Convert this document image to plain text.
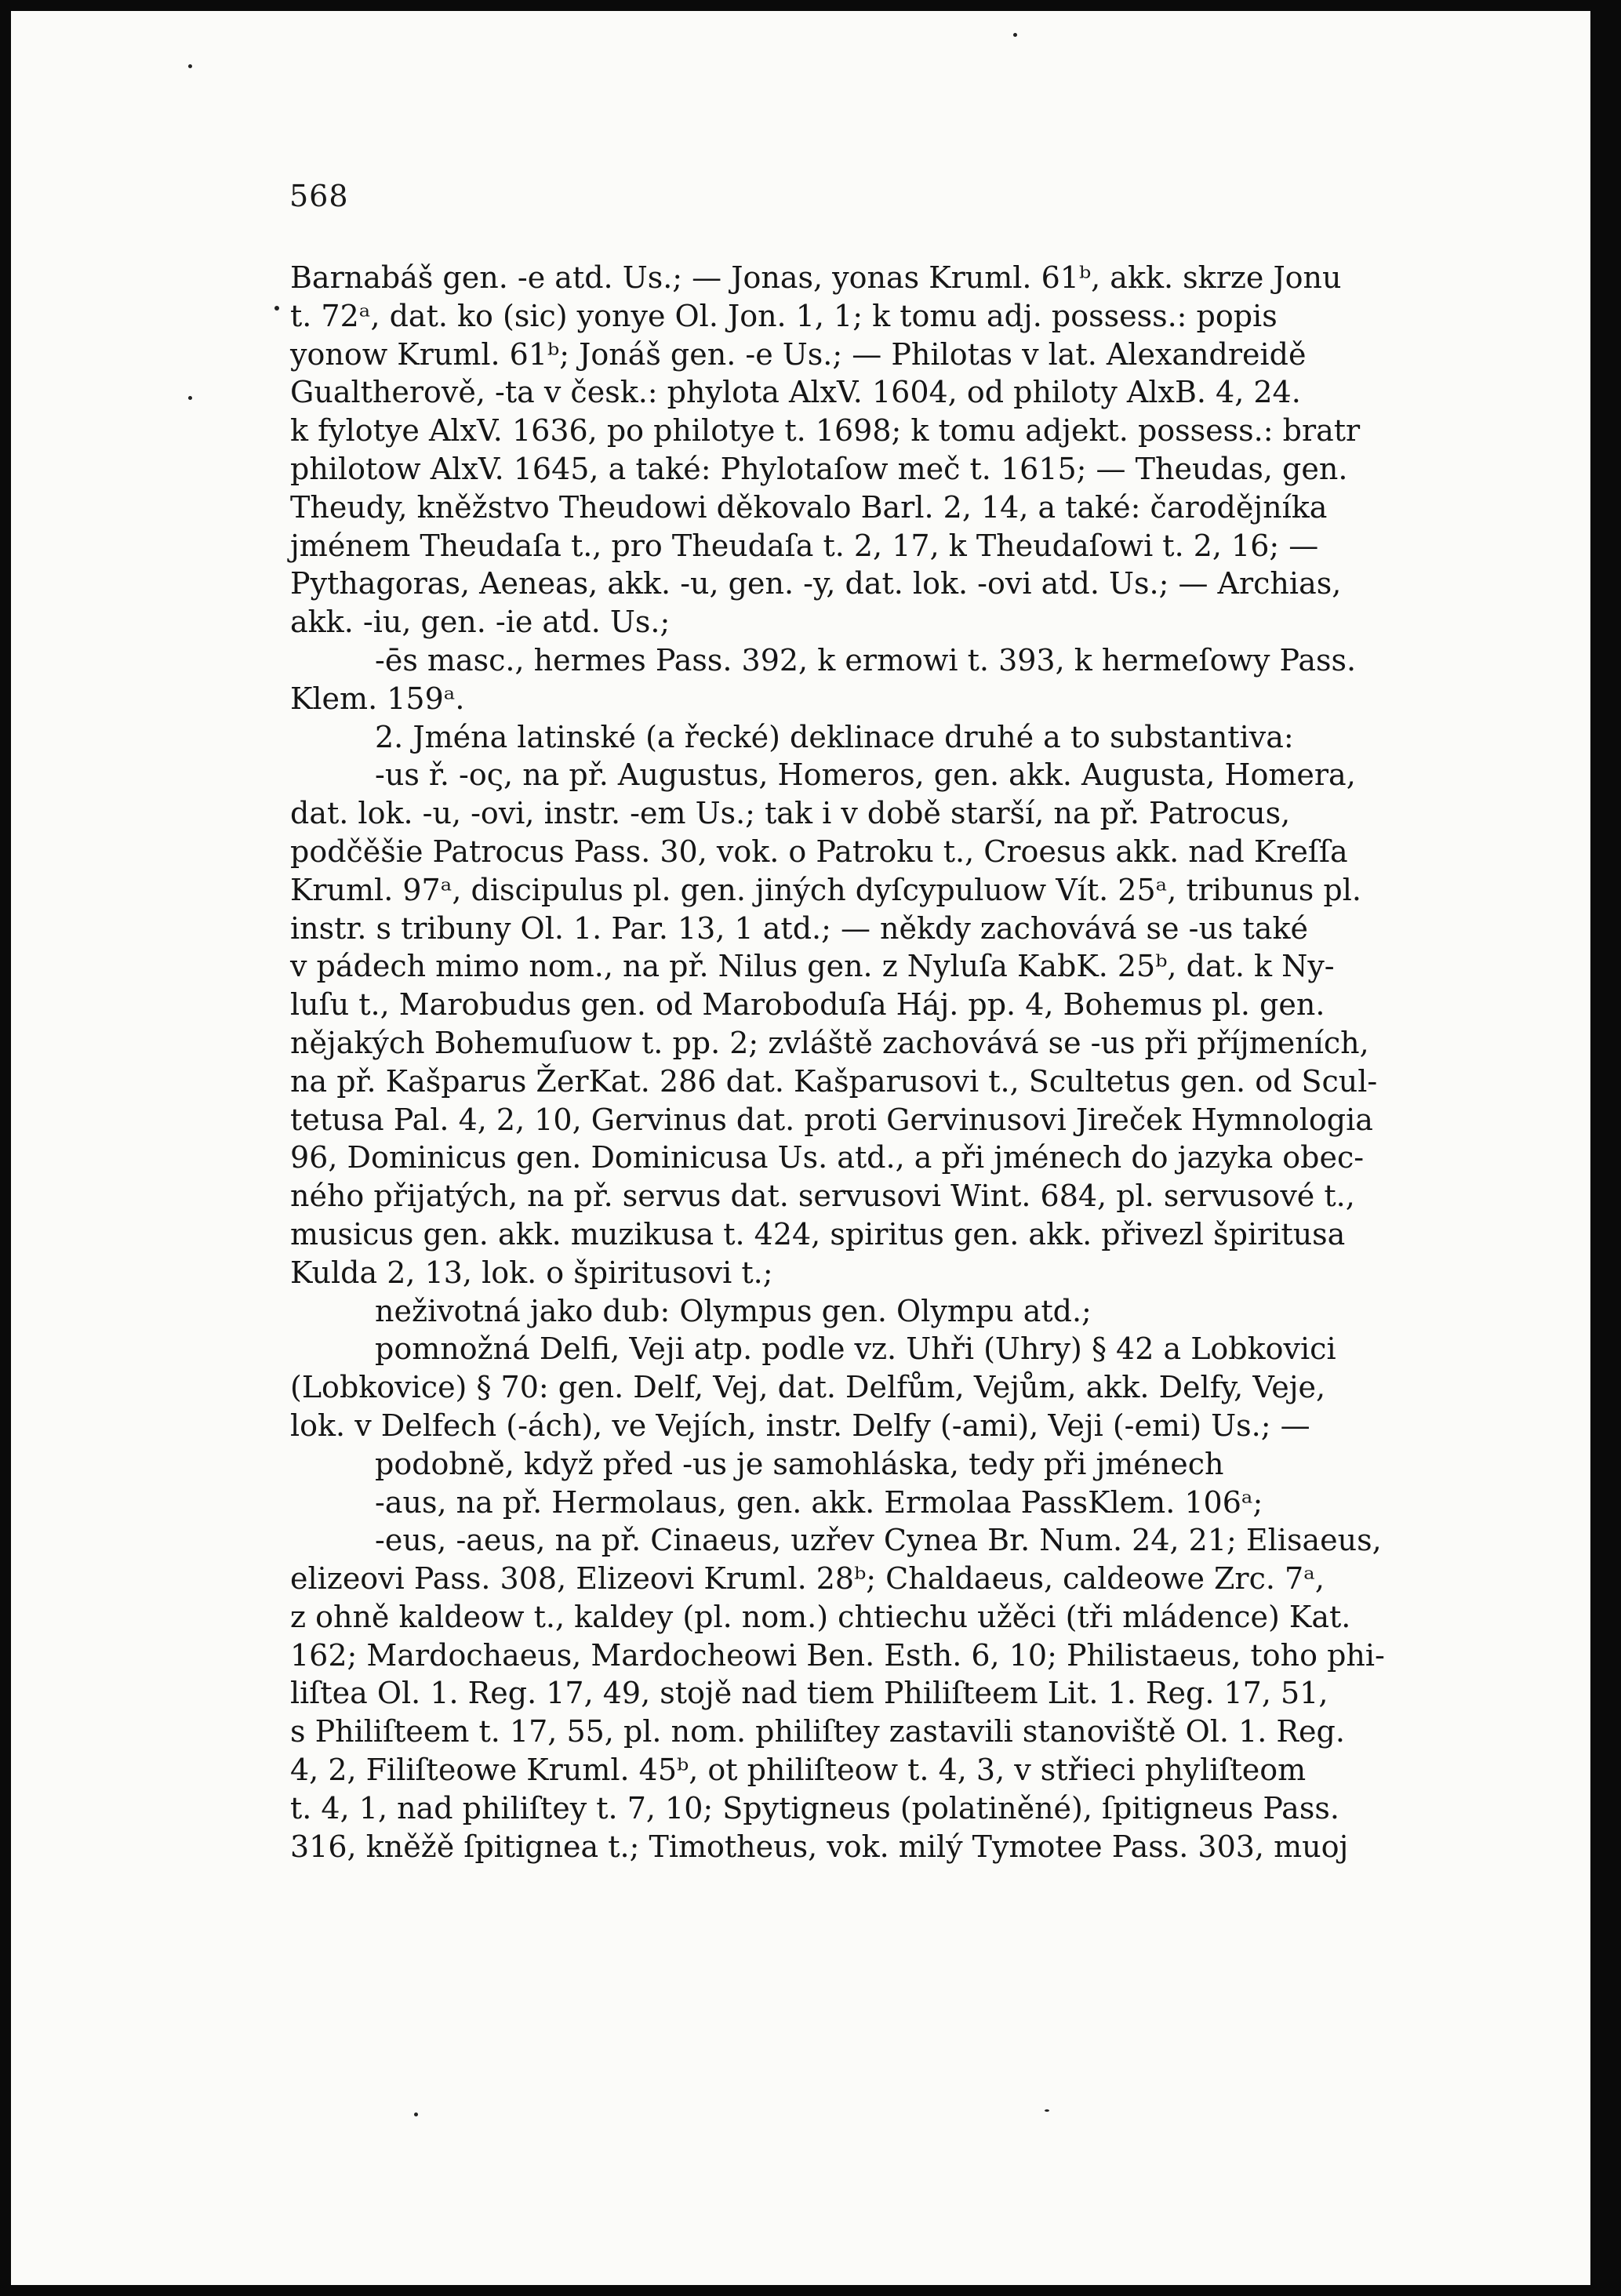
568
Barnabáš gen. -e atd. Us.; — Jonas, yonas Kruml. 61ᵇ, akk. skrze Jonu
t. 72ᵃ, dat. ko (sic) yonye Ol. Jon. 1, 1; k tomu adj. possess.: popis
yonow Kruml. 61ᵇ; Jonáš gen. -e Us.; — Philotas v lat. Alexandreidě
Gualtherově, -ta v česk.: phylota AlxV. 1604, od philoty AlxB. 4, 24.
k fylotye AlxV. 1636, po philotye t. 1698; k tomu adjekt. possess.: bratr
philotow AlxV. 1645, a také: Phylotaſow meč t. 1615; — Theudas, gen.
Theudy, kněžstvo Theudowi děkovalo Barl. 2, 14, a také: čarodějníka
jménem Theudaſa t., pro Theudaſa t. 2, 17, k Theudaſowi t. 2, 16; —
Pythagoras, Aeneas, akk. -u, gen. -y, dat. lok. -ovi atd. Us.; — Archias,
akk. -iu, gen. -ie atd. Us.;
-ēs masc., hermes Pass. 392, k ermowi t. 393, k hermeſowy Pass.
Klem. 159ᵃ.
2. Jména latinské (a řecké) deklinace druhé a to substantiva:
-us ř. -ος, na př. Augustus, Homeros, gen. akk. Augusta, Homera,
dat. lok. -u, -ovi, instr. -em Us.; tak i v době starší, na př. Patrocus,
podčěšie Patrocus Pass. 30, vok. o Patroku t., Croesus akk. nad Kreſſa
Kruml. 97ᵃ, discipulus pl. gen. jiných dyſcypuluow Vít. 25ᵃ, tribunus pl.
instr. s tribuny Ol. 1. Par. 13, 1 atd.; — někdy zachovává se -us také
v pádech mimo nom., na př. Nilus gen. z Nyluſa KabK. 25ᵇ, dat. k Ny-
luſu t., Marobudus gen. od Maroboduſa Háj. pp. 4, Bohemus pl. gen.
nějakých Bohemuſuow t. pp. 2; zvláště zachovává se -us při příjmeních,
na př. Kašparus ŽerKat. 286 dat. Kašparusovi t., Scultetus gen. od Scul-
tetusa Pal. 4, 2, 10, Gervinus dat. proti Gervinusovi Jireček Hymnologia
96, Dominicus gen. Dominicusa Us. atd., a při jménech do jazyka obec-
ného přijatých, na př. servus dat. servusovi Wint. 684, pl. servusové t.,
musicus gen. akk. muzikusa t. 424, spiritus gen. akk. přivezl špiritusa
Kulda 2, 13, lok. o špiritusovi t.;
neživotná jako dub: Olympus gen. Olympu atd.;
pomnožná Delfi, Veji atp. podle vz. Uhři (Uhry) § 42 a Lobkovici
(Lobkovice) § 70: gen. Delf, Vej, dat. Delfům, Vejům, akk. Delfy, Veje,
lok. v Delfech (-ách), ve Vejích, instr. Delfy (-ami), Veji (-emi) Us.; —
podobně, když před -us je samohláska, tedy při jménech
-aus, na př. Hermolaus, gen. akk. Ermolaa PassKlem. 106ᵃ;
-eus, -aeus, na př. Cinaeus, uzřev Cynea Br. Num. 24, 21; Elisaeus,
elizeovi Pass. 308, Elizeovi Kruml. 28ᵇ; Chaldaeus, caldeowe Zrc. 7ᵃ,
z ohně kaldeow t., kaldey (pl. nom.) chtiechu užěci (tři mládence) Kat.
162; Mardochaeus, Mardocheowi Ben. Esth. 6, 10; Philistaeus, toho phi-
liſtea Ol. 1. Reg. 17, 49, stojě nad tiem Philiſteem Lit. 1. Reg. 17, 51,
s Philiſteem t. 17, 55, pl. nom. philiſtey zastavili stanoviště Ol. 1. Reg.
4, 2, Filiſteowe Kruml. 45ᵇ, ot philiſteow t. 4, 3, v střieci phyliſteom
t. 4, 1, nad philiſtey t. 7, 10; Spytigneus (polatiněné), ſpitigneus Pass.
316, kněžě ſpitignea t.; Timotheus, vok. milý Tymotee Pass. 303, muoj
